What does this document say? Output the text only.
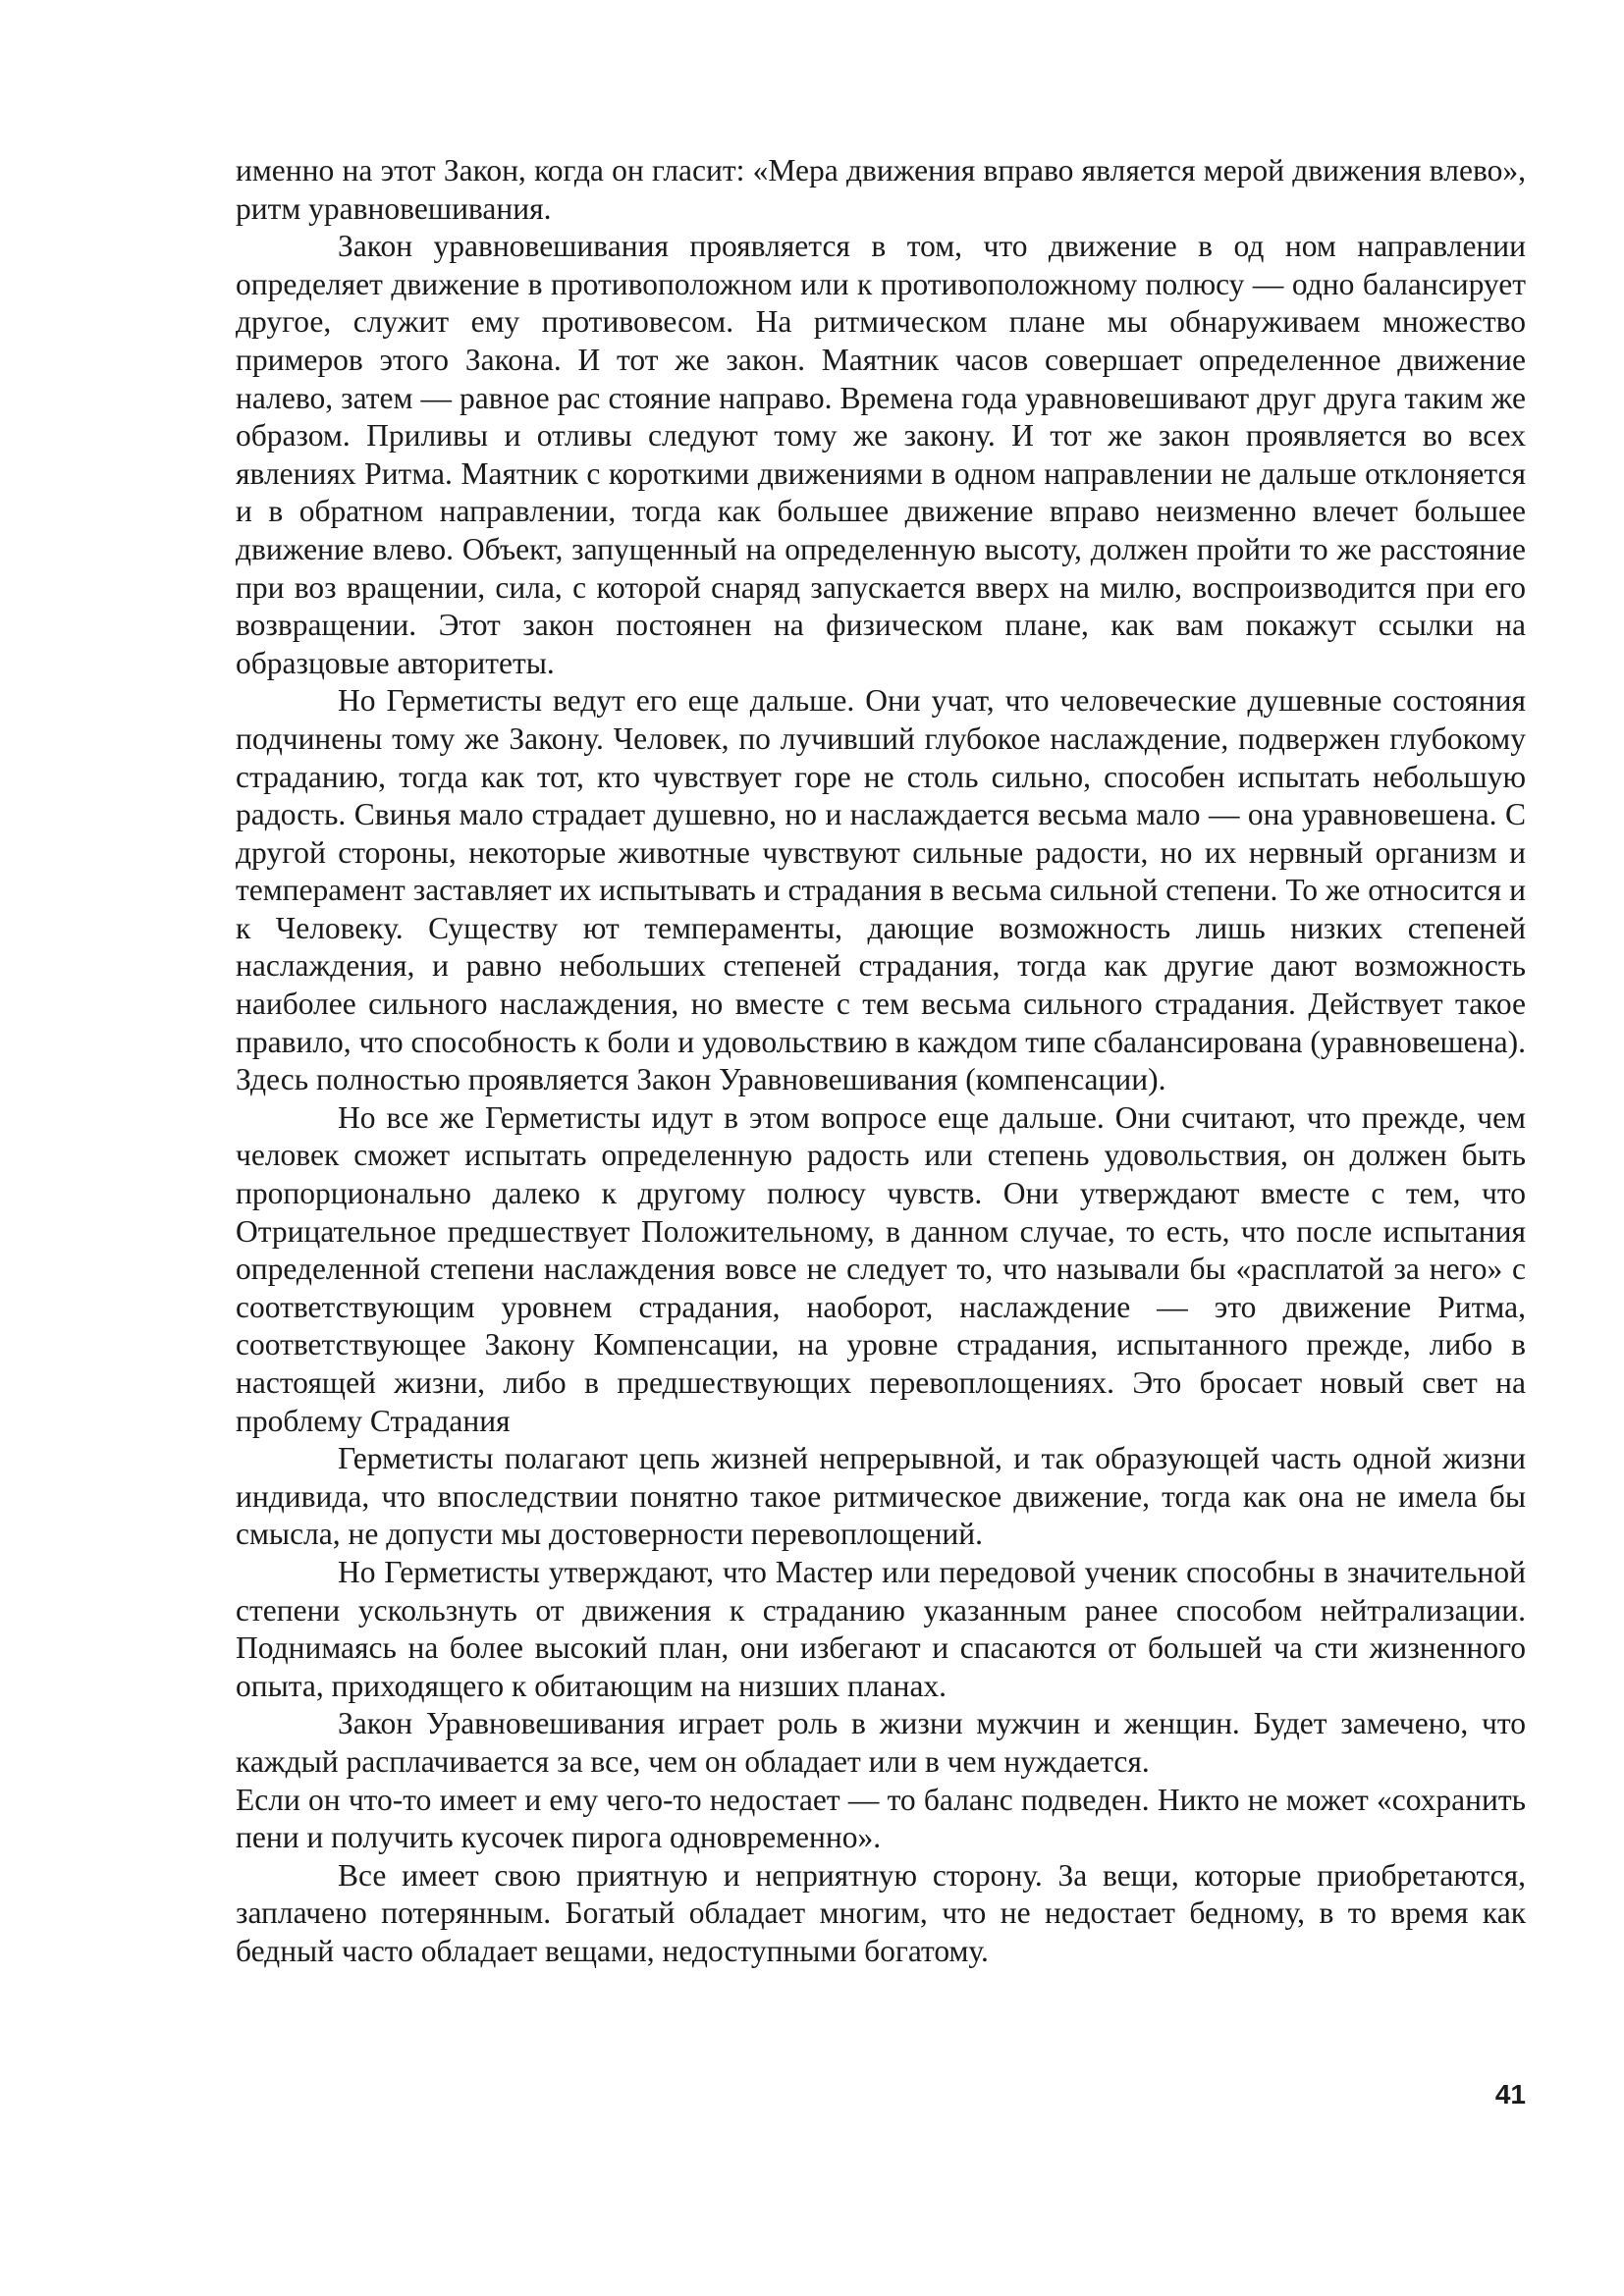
именно на этот Закон, когда он гласит: «Мера движения вправо является мерой движения влево», ритм уравновешивания.

Закон уравновешивания проявляется в том, что движение в од ном направлении определяет движение в противоположном или к противоположному полюсу — одно балансирует другое, служит ему противовесом. На ритмическом плане мы обнаруживаем множество примеров этого Закона. И тот же закон. Маятник часов совершает определенное движение налево, затем — равное рас стояние направо. Времена года уравновешивают друг друга таким же образом. Приливы и отливы следуют тому же закону. И тот же закон проявляется во всех явлениях Ритма. Маятник с короткими движениями в одном направлении не дальше отклоняется и в обратном направлении, тогда как большее движение вправо неизменно влечет большее движение влево. Объект, запущенный на определенную высоту, должен пройти то же расстояние при воз вращении, сила, с которой снаряд запускается вверх на милю, воспроизводится при его возвращении. Этот закон постоянен на физическом плане, как вам покажут ссылки на образцовые авторитеты.

Но Герметисты ведут его еще дальше. Они учат, что человеческие душевные состояния подчинены тому же Закону. Человек, по лучивший глубокое наслаждение, подвержен глубокому страданию, тогда как тот, кто чувствует горе не столь сильно, способен испытать небольшую радость. Свинья мало страдает душевно, но и наслаждается весьма мало — она уравновешена. С другой стороны, некоторые животные чувствуют сильные радости, но их нервный организм и темперамент заставляет их испытывать и страдания в весьма сильной степени. То же относится и к Человеку. Существу ют темпераменты, дающие возможность лишь низких степеней наслаждения, и равно небольших степеней страдания, тогда как другие дают возможность наиболее сильного наслаждения, но вместе с тем весьма сильного страдания. Действует такое правило, что способность к боли и удовольствию в каждом типе сбалансирована (уравновешена). Здесь полностью проявляется Закон Уравновешивания (компенсации).

Но все же Герметисты идут в этом вопросе еще дальше. Они считают, что прежде, чем человек сможет испытать определенную радость или степень удовольствия, он должен быть пропорционально далеко к другому полюсу чувств. Они утверждают вместе с тем, что Отрицательное предшествует Положительному, в данном случае, то есть, что после испытания определенной степени наслаждения вовсе не следует то, что называли бы «расплатой за него» с соответствующим уровнем страдания, наоборот, наслаждение — это движение Ритма, соответствующее Закону Компенсации, на уровне страдания, испытанного прежде, либо в настоящей жизни, либо в предшествующих перевоплощениях. Это бросает новый свет на проблему Страдания

Герметисты полагают цепь жизней непрерывной, и так образующей часть одной жизни индивида, что впоследствии понятно такое ритмическое движение, тогда как она не имела бы смысла, не допусти мы достоверности перевоплощений.

Но Герметисты утверждают, что Мастер или передовой ученик способны в значительной степени ускользнуть от движения к страданию указанным ранее способом нейтрализации. Поднимаясь на более высокий план, они избегают и спасаются от большей ча сти жизненного опыта, приходящего к обитающим на низших планах.

Закон Уравновешивания играет роль в жизни мужчин и женщин. Будет замечено, что каждый расплачивается за все, чем он обладает или в чем нуждается.

Если он что-то имеет и ему чего-то недостает — то баланс подведен. Никто не может «сохранить пени и получить кусочек пирога одновременно».

Все имеет свою приятную и неприятную сторону. За вещи, которые приобретаются, заплачено потерянным. Богатый обладает многим, что не недостает бедному, в то время как бедный часто обладает вещами, недоступными богатому.

41
